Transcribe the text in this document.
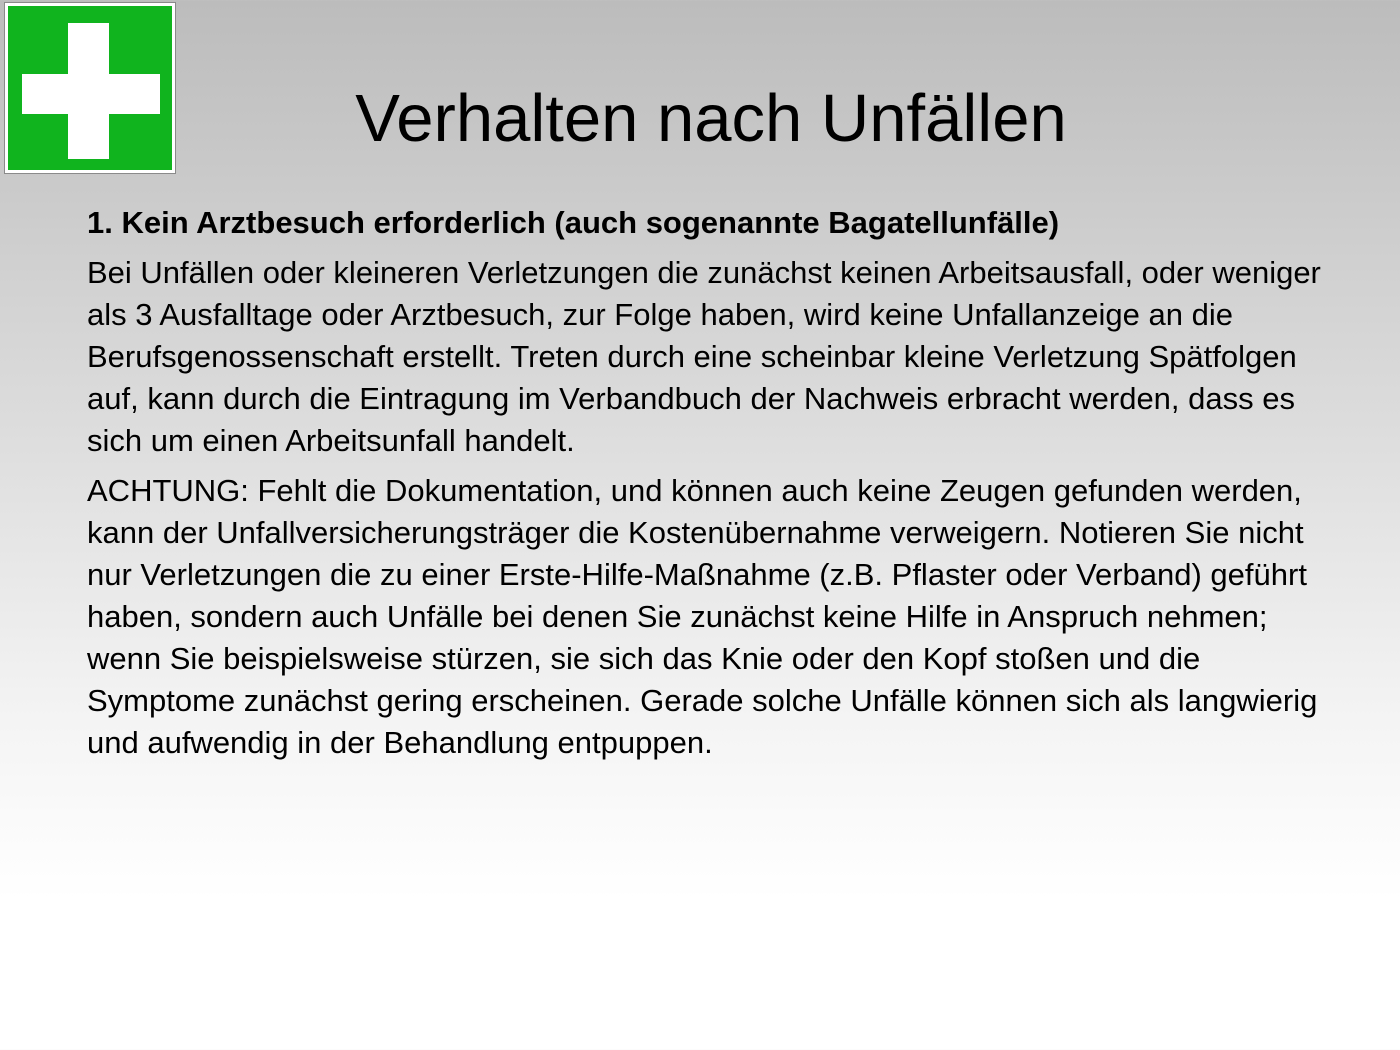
Verhalten nach Unfällen

1. Kein Arztbesuch erforderlich (auch sogenannte Bagatellunfälle)

Bei Unfällen oder kleineren Verletzungen die zunächst keinen Arbeitsausfall, oder weniger als 3 Ausfalltage oder Arztbesuch, zur Folge haben, wird keine Unfallanzeige an die Berufsgenossenschaft erstellt. Treten durch eine scheinbar kleine Verletzung Spätfolgen auf, kann durch die Eintragung im Verbandbuch der Nachweis erbracht werden, dass es sich um einen Arbeitsunfall handelt.

ACHTUNG: Fehlt die Dokumentation, und können auch keine Zeugen gefunden werden, kann der Unfallversicherungsträger die Kostenübernahme verweigern. Notieren Sie nicht nur Verletzungen die zu einer Erste-Hilfe-Maßnahme (z.B. Pflaster oder Verband) geführt haben, sondern auch Unfälle bei denen Sie zunächst keine Hilfe in Anspruch nehmen; wenn Sie beispielsweise stürzen, sie sich das Knie oder den Kopf stoßen und die Symptome zunächst gering erscheinen. Gerade solche Unfälle können sich als langwierig und aufwendig in der Behandlung entpuppen.
